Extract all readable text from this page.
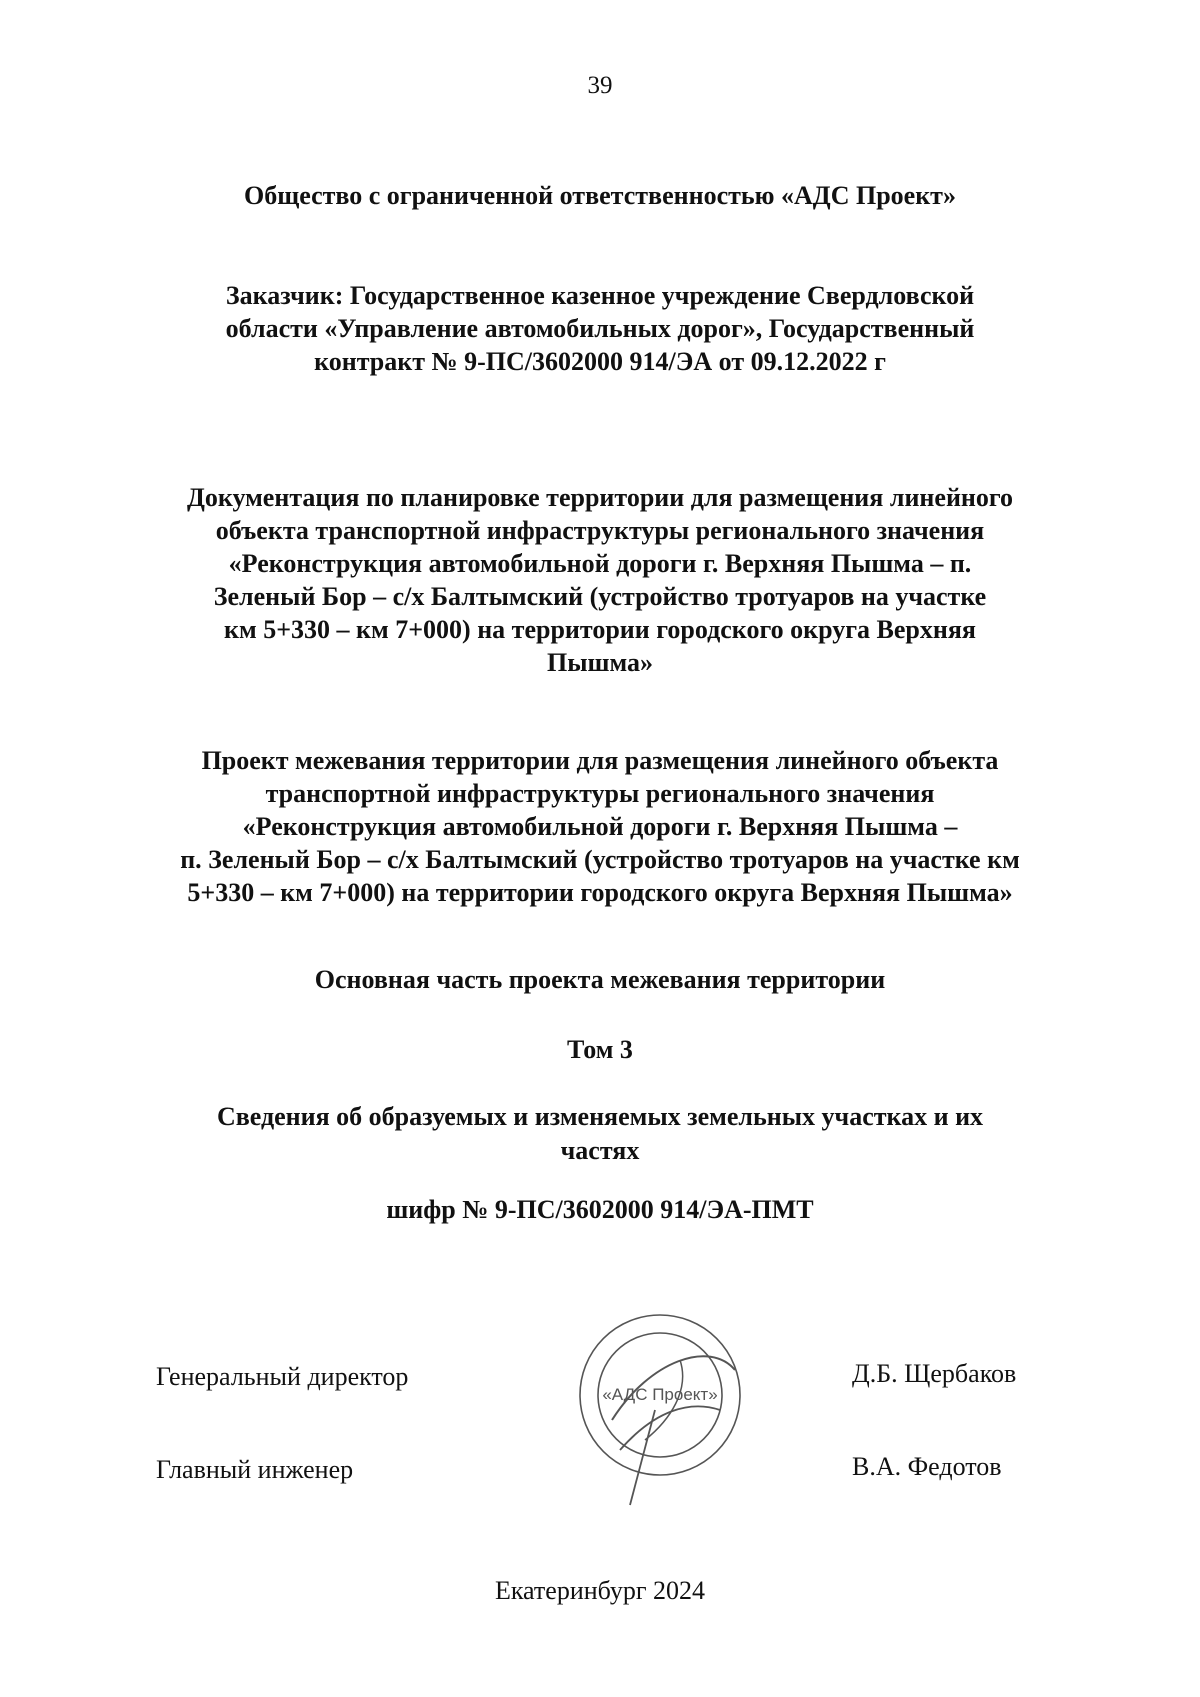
39
Общество с ограниченной ответственностью «АДС Проект»
Заказчик: Государственное казенное учреждение Свердловской
области «Управление автомобильных дорог», Государственный
контракт № 9-ПС/3602000 914/ЭА от 09.12.2022 г
Документация по планировке территории для размещения линейного
объекта транспортной инфраструктуры регионального значения
«Реконструкция автомобильной дороги г. Верхняя Пышма – п.
Зеленый Бор – с/х Балтымский (устройство тротуаров на участке
км 5+330 – км 7+000) на территории городского округа Верхняя
Пышма»
Проект межевания территории для размещения линейного объекта
транспортной инфраструктуры регионального значения
«Реконструкция автомобильной дороги г. Верхняя Пышма –
п. Зеленый Бор – с/х Балтымский (устройство тротуаров на участке км
5+330 – км 7+000) на территории городского округа Верхняя Пышма»
Основная часть проекта межевания территории
Том 3
Сведения об образуемых и изменяемых земельных участках и их
частях
шифр № 9-ПС/3602000 914/ЭА-ПМТ
Генеральный директор	Д.Б. Щербаков
Главный инженер	В.А. Федотов
«АДС Проект»
Екатеринбург 2024
